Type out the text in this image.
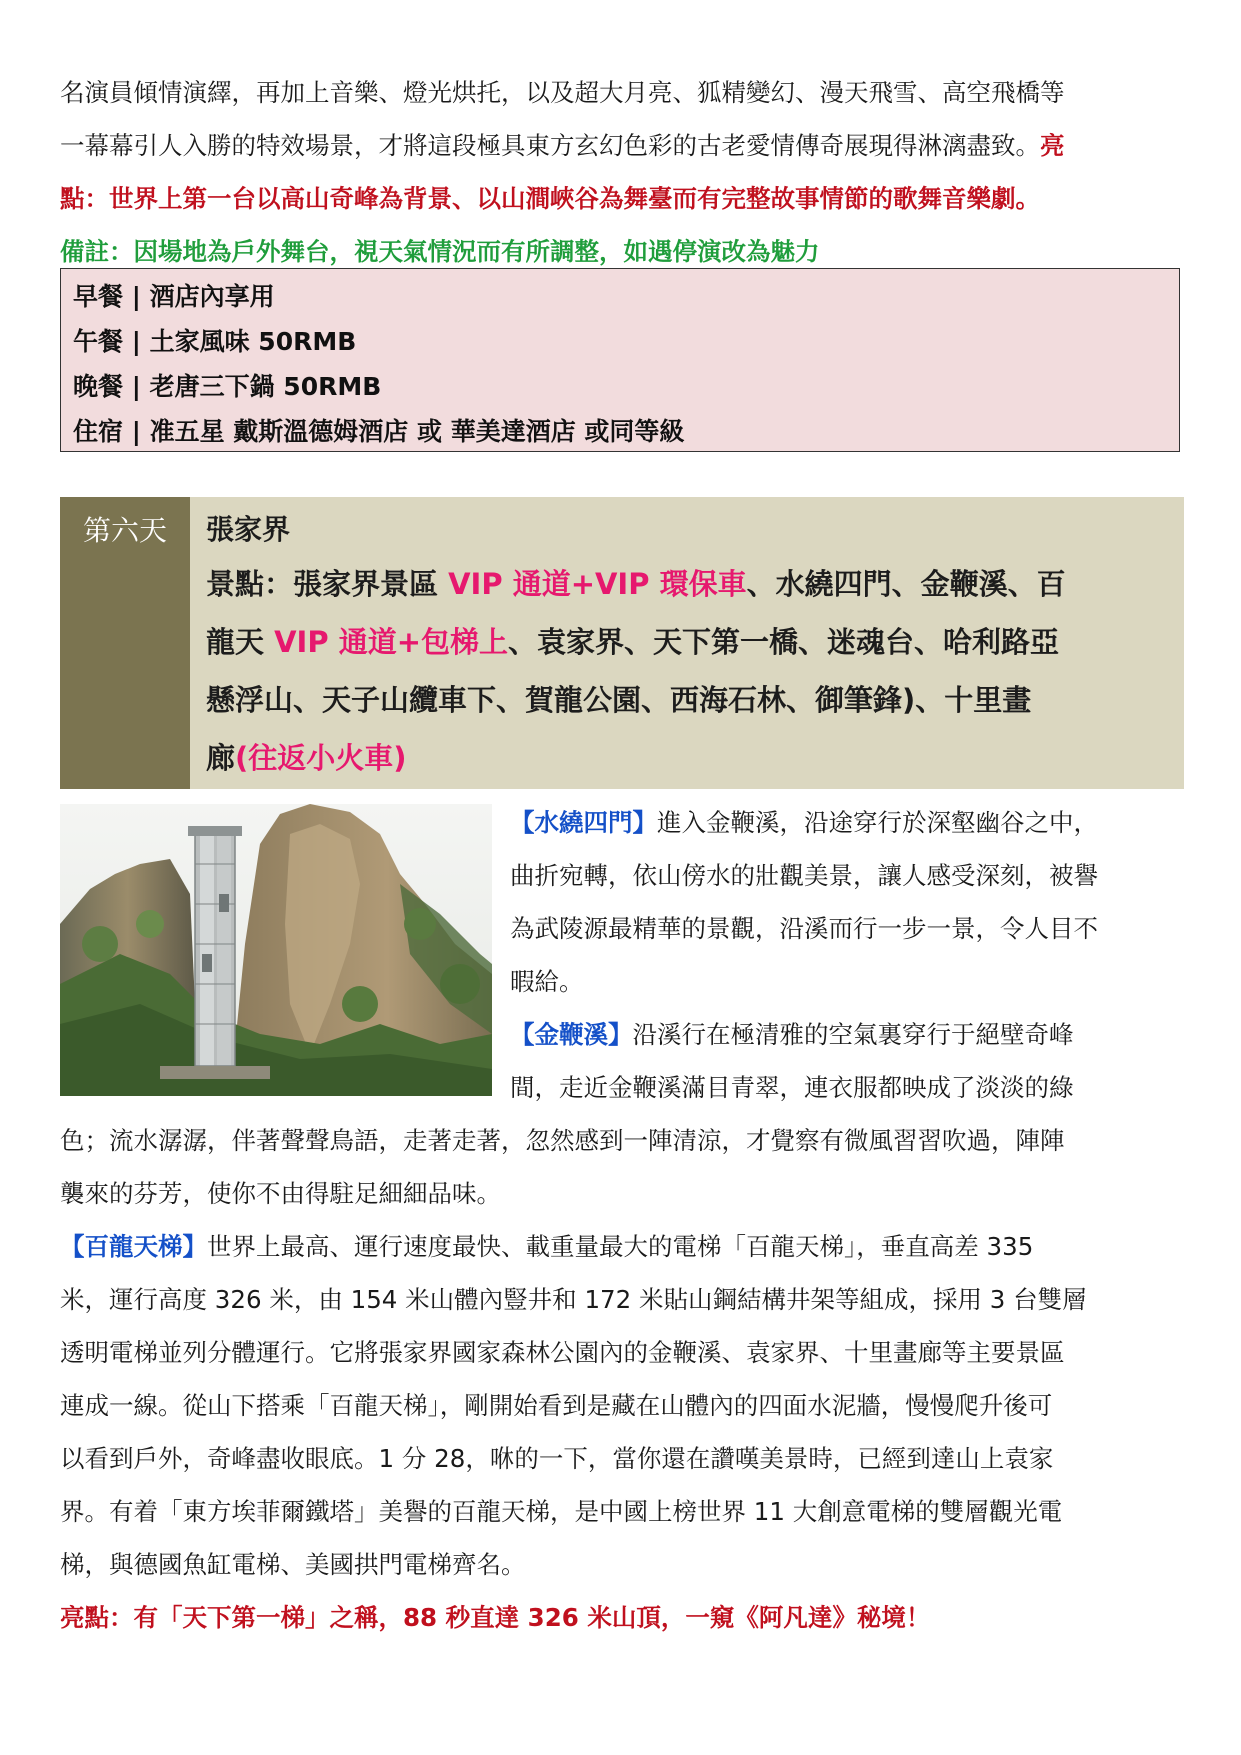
名演員傾情演繹，再加上音樂、燈光烘托，以及超大月亮、狐精變幻、漫天飛雪、高空飛橋等

一幕幕引人入勝的特效場景，才將這段極具東方玄幻色彩的古老愛情傳奇展現得淋漓盡致。亮

點：世界上第一台以高山奇峰為背景、以山澗峽谷為舞臺而有完整故事情節的歌舞音樂劇。

備註：因場地為戶外舞台，視天氣情況而有所調整，如遇停演改為魅力

早餐 | 酒店內享用
午餐 | 土家風味 50RMB
晚餐 | 老唐三下鍋 50RMB
住宿 | 准五星 戴斯溫德姆酒店 或 華美達酒店 或同等級
第六天	張家界

景點：張家界景區 VIP 通道+VIP 環保車、水繞四門、金鞭溪、百

龍天 VIP 通道+包梯上、袁家界、天下第一橋、迷魂台、哈利路亞

懸浮山、天子山纜車下、賀龍公園、西海石林、御筆鋒)、十里畫

廊(往返小火車)

【水繞四門】進入金鞭溪，沿途穿行於深壑幽谷之中，

曲折宛轉，依山傍水的壯觀美景，讓人感受深刻，被譽

為武陵源最精華的景觀，沿溪而行一步一景，令人目不

暇給。

【金鞭溪】沿溪行在極清雅的空氣裏穿行于絕壁奇峰

間，走近金鞭溪滿目青翠，連衣服都映成了淡淡的綠

色；流水潺潺，伴著聲聲鳥語，走著走著，忽然感到一陣清涼，才覺察有微風習習吹過，陣陣

襲來的芬芳，使你不由得駐足細細品味。

【百龍天梯】世界上最高、運行速度最快、載重量最大的電梯「百龍天梯」，垂直高差 335

米，運行高度 326 米，由 154 米山體內豎井和 172 米貼山鋼結構井架等組成，採用 3 台雙層

透明電梯並列分體運行。它將張家界國家森林公園內的金鞭溪、袁家界、十里畫廊等主要景區

連成一線。從山下搭乘「百龍天梯」，剛開始看到是藏在山體內的四面水泥牆，慢慢爬升後可

以看到戶外，奇峰盡收眼底。1 分 28，咻的一下，當你還在讚嘆美景時，已經到達山上袁家

界。有着「東方埃菲爾鐵塔」美譽的百龍天梯，是中國上榜世界 11 大創意電梯的雙層觀光電

梯，與德國魚缸電梯、美國拱門電梯齊名。

亮點：有「天下第一梯」之稱，88 秒直達 326 米山頂，一窺《阿凡達》秘境！
